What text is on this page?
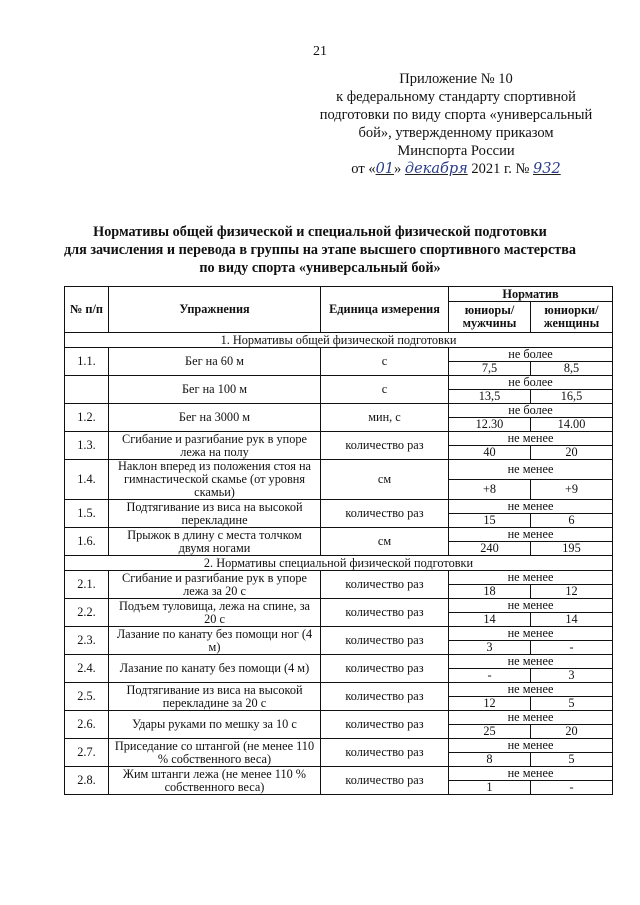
21
Приложение № 10
к федеральному стандарту спортивной
подготовки по виду спорта «универсальный
бой», утвержденному приказом
Минспорта России
от «01» декабря 2021 г. № 932
Нормативы общей физической и специальной физической подготовки
для зачисления и перевода в группы на этапе высшего спортивного мастерства
по виду спорта «универсальный бой»
№ п/п	Упражнения	Единица измерения	Норматив	
			юниоры/ мужчины	юниорки/ женщины
1. Нормативы общей физической подготовки				
1.1.	Бег на 60 м	с	не более	
			7,5	8,5
	Бег на 100 м	с	не более	
			13,5	16,5
1.2.	Бег на 3000 м	мин, с	не более	
			12.30	14.00
1.3.	Сгибание и разгибание рук в упоре лежа на полу	количество раз	не менее	
			40	20
1.4.	Наклон вперед из положения стоя на гимнастической скамье (от уровня скамьи)	см	не менее	
			+8	+9
1.5.	Подтягивание из виса на высокой перекладине	количество раз	не менее	
			15	6
1.6.	Прыжок в длину с места толчком двумя ногами	см	не менее	
			240	195
2. Нормативы специальной физической подготовки				
2.1.	Сгибание и разгибание рук в упоре лежа за 20 с	количество раз	не менее	
			18	12
2.2.	Подъем туловища, лежа на спине, за 20 с	количество раз	не менее	
			14	14
2.3.	Лазание по канату без помощи ног (4 м)	количество раз	не менее	
			3	-
2.4.	Лазание по канату без помощи (4 м)	количество раз	не менее	
			-	3
2.5.	Подтягивание из виса на высокой перекладине за 20 с	количество раз	не менее	
			12	5
2.6.	Удары руками по мешку за 10 с	количество раз	не менее	
			25	20
2.7.	Приседание со штангой (не менее 110 % собственного веса)	количество раз	не менее	
			8	5
2.8.	Жим штанги лежа (не менее 110 % собственного веса)	количество раз	не менее	
			1	-
